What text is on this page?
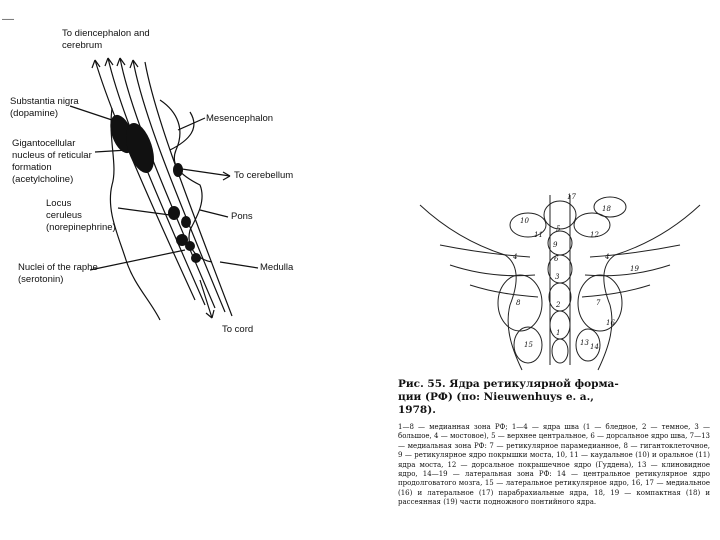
‒‒
To diencephalon and
cerebrum
Substantia nigra
(dopamine)
Gigantocellular
nucleus of reticular
formation
(acetylcholine)
Locus
ceruleus
(norepinephrine)
Nuclei of the raphe
(serotonin)
Mesencephalon
To cerebellum
Pons
Medulla
To cord
17
18
9
5
6
4	4
3
2
1
8	7
10
11	12
13 14
15
16
19
Рис. 55. Ядра ретикулярной форма-
ции (РФ) (по: Nieuwenhuys е. а.,
1978).
1—8 — медианная зона РФ; 1—4 — ядра шва (1 — бледное, 2 — темное, 3 — большое, 4 — мостовое), 5 — верхнее центральное, 6 — дорсальное ядро шва, 7—13 — медиальная зона РФ: 7 — ретикулярное парамедианное, 8 — гигантоклеточное, 9 — ретикулярное ядро покрышки моста, 10, 11 — каудальное (10) и оральное (11) ядра моста, 12 — дорсальное покрышечное ядро (Гуддена), 13 — клиновидное ядро, 14—19 — латеральная зона РФ: 14 — центральное ретикулярное ядро продолговатого мозга, 15 — латеральное ретикулярное ядро, 16, 17 — медиальное (16) и латеральное (17) парабрахиальные ядра, 18, 19 — компактная (18) и рассеянная (19) части подножного понтийного ядра.
